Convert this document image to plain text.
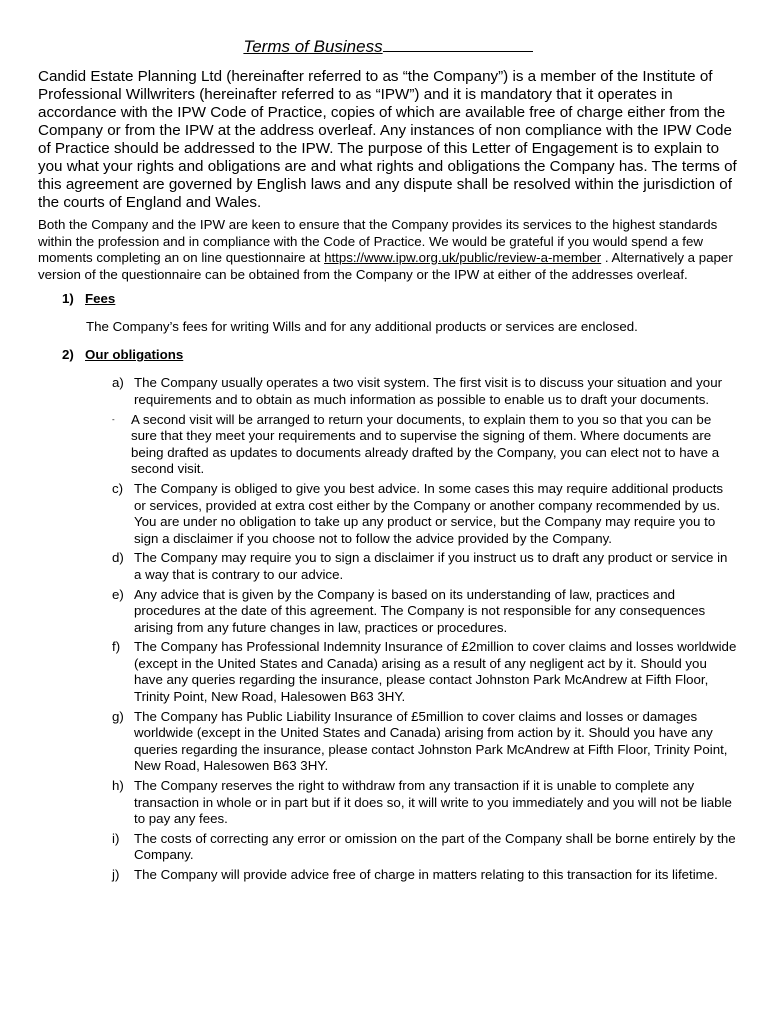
Terms of Business

Candid Estate Planning Ltd (hereinafter referred to as “the Company”) is a member of the Institute of Professional Willwriters (hereinafter referred to as “IPW”) and it is mandatory that it operates in accordance with the IPW Code of Practice, copies of which are available free of charge either from the Company or from the IPW at the address overleaf. Any instances of non compliance with the IPW Code of Practice should be addressed to the IPW. The purpose of this Letter of Engagement is to explain to you what your rights and obligations are and what rights and obligations the Company has. The terms of this agreement are governed by English laws and any dispute shall be resolved within the jurisdiction of the courts of England and Wales.

Both the Company and the IPW are keen to ensure that the Company provides its services to the highest standards within the profession and in compliance with the Code of Practice. We would be grateful if you would spend a few moments completing an on line questionnaire at https://www.ipw.org.uk/public/review-a-member . Alternatively a paper version of the questionnaire can be obtained from the Company or the IPW at either of the addresses overleaf.

1) Fees

The Company’s fees for writing Wills and for any additional products or services are enclosed.

2) Our obligations
a) The Company usually operates a two visit system. The first visit is to discuss your situation and your requirements and to obtain as much information as possible to enable us to draft your documents.
-	A second visit will be arranged to return your documents, to explain them to you so that you can be sure that they meet your requirements and to supervise the signing of them. Where documents are being drafted as updates to documents already drafted by the Company, you can elect not to have a second visit.
c) The Company is obliged to give you best advice. In some cases this may require additional products or services, provided at extra cost either by the Company or another company recommended by us. You are under no obligation to take up any product or service, but the Company may require you to sign a disclaimer if you choose not to follow the advice provided by the Company.
d) The Company may require you to sign a disclaimer if you instruct us to draft any product or service in a way that is contrary to our advice.
e) Any advice that is given by the Company is based on its understanding of law, practices and procedures at the date of this agreement. The Company is not responsible for any consequences arising from any future changes in law, practices or procedures.
f)	The Company has Professional Indemnity Insurance of £2million to cover claims and losses worldwide (except in the United States and Canada) arising as a result of any negligent act by it. Should you have any queries regarding the insurance, please contact Johnston Park McAndrew at Fifth Floor, Trinity Point, New Road, Halesowen B63 3HY.
g) The Company has Public Liability Insurance of £5million to cover claims and losses or damages worldwide (except in the United States and Canada) arising from action by it. Should you have any queries regarding the insurance, please contact Johnston Park McAndrew at Fifth Floor, Trinity Point, New Road, Halesowen B63 3HY.
h) The Company reserves the right to withdraw from any transaction if it is unable to complete any transaction in whole or in part but if it does so, it will write to you immediately and you will not be liable to pay any fees.
i)	The costs of correcting any error or omission on the part of the Company shall be borne entirely by the Company.
j)	The Company will provide advice free of charge in matters relating to this transaction for its lifetime.
